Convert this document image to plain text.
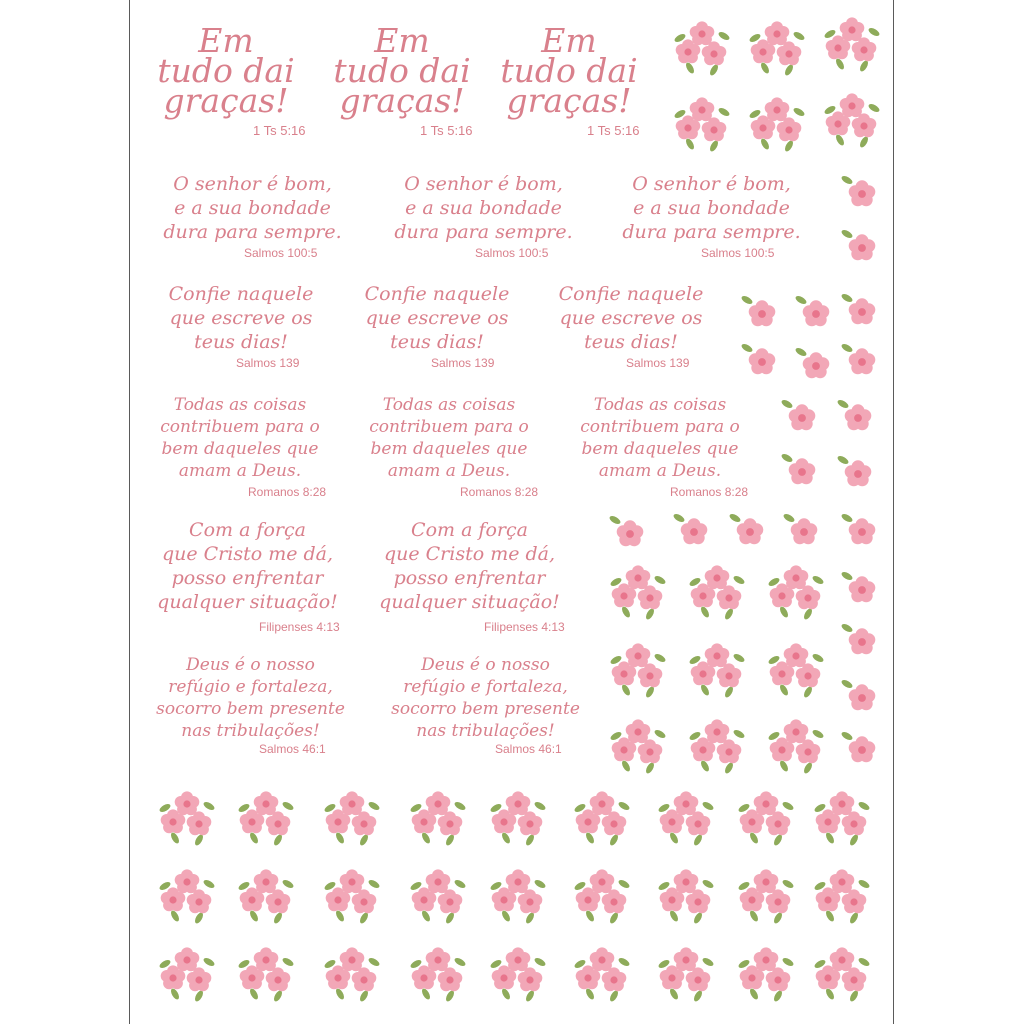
Em
tudo dai
graças!
1 Ts 5:16
Em
tudo dai
graças!
1 Ts 5:16
Em
tudo dai
graças!
1 Ts 5:16
O senhor é bom,
e a sua bondade
dura para sempre.
Salmos 100:5
O senhor é bom,
e a sua bondade
dura para sempre.
Salmos 100:5
O senhor é bom,
e a sua bondade
dura para sempre.
Salmos 100:5
Confie naquele
que escreve os
teus dias!
Salmos 139
Confie naquele
que escreve os
teus dias!
Salmos 139
Confie naquele
que escreve os
teus dias!
Salmos 139
Todas as coisas
contribuem para o
bem daqueles que
amam a Deus.
Romanos 8:28
Todas as coisas
contribuem para o
bem daqueles que
amam a Deus.
Romanos 8:28
Todas as coisas
contribuem para o
bem daqueles que
amam a Deus.
Romanos 8:28
Com a força
que Cristo me dá,
posso enfrentar
qualquer situação!
Filipenses 4:13
Com a força
que Cristo me dá,
posso enfrentar
qualquer situação!
Filipenses 4:13
Deus é o nosso
refúgio e fortaleza,
socorro bem presente
nas tribulações!
Salmos 46:1
Deus é o nosso
refúgio e fortaleza,
socorro bem presente
nas tribulações!
Salmos 46:1
